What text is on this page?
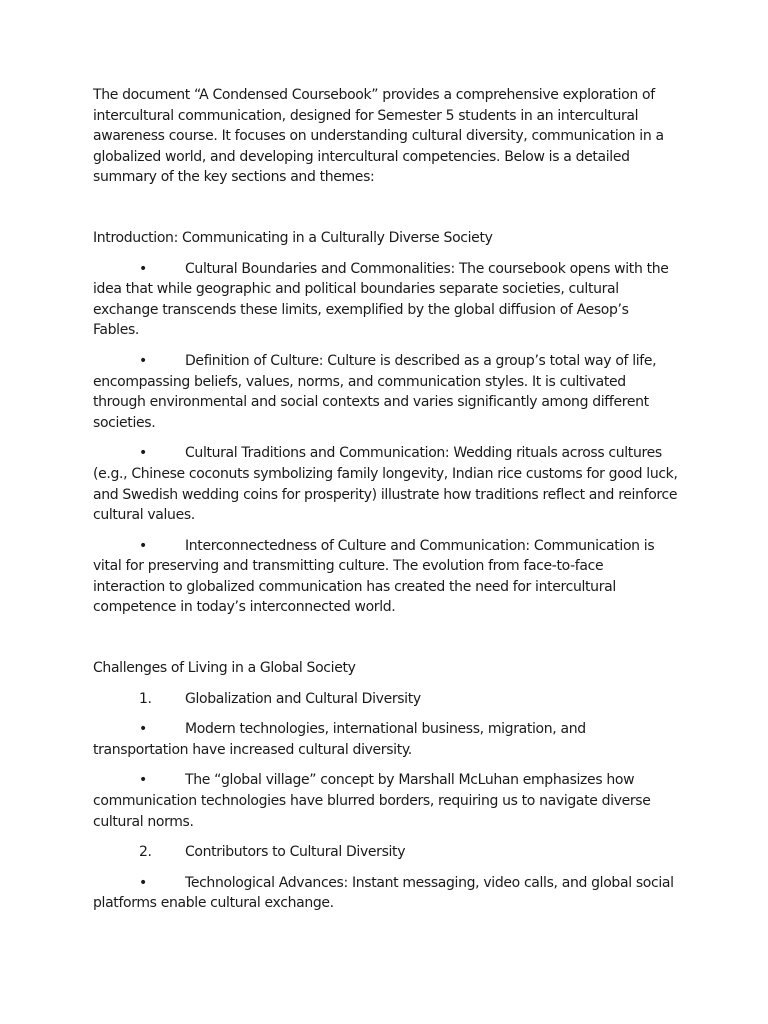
The document “A Condensed Coursebook” provides a comprehensive exploration of intercultural communication, designed for Semester 5 students in an intercultural awareness course. It focuses on understanding cultural diversity, communication in a globalized world, and developing intercultural competencies. Below is a detailed summary of the key sections and themes:

Introduction: Communicating in a Culturally Diverse Society

•	Cultural Boundaries and Commonalities: The coursebook opens with the idea that while geographic and political boundaries separate societies, cultural exchange transcends these limits, exemplified by the global diffusion of Aesop’s Fables.

•	Definition of Culture: Culture is described as a group’s total way of life, encompassing beliefs, values, norms, and communication styles. It is cultivated through environmental and social contexts and varies significantly among different societies.

•	Cultural Traditions and Communication: Wedding rituals across cultures (e.g., Chinese coconuts symbolizing family longevity, Indian rice customs for good luck, and Swedish wedding coins for prosperity) illustrate how traditions reflect and reinforce cultural values.

•	Interconnectedness of Culture and Communication: Communication is vital for preserving and transmitting culture. The evolution from face-to-face interaction to globalized communication has created the need for intercultural competence in today’s interconnected world.

Challenges of Living in a Global Society

1. Globalization and Cultural Diversity

•	Modern technologies, international business, migration, and transportation have increased cultural diversity.

•	The “global village” concept by Marshall McLuhan emphasizes how communication technologies have blurred borders, requiring us to navigate diverse cultural norms.

2. Contributors to Cultural Diversity

•	Technological Advances: Instant messaging, video calls, and global social platforms enable cultural exchange.
